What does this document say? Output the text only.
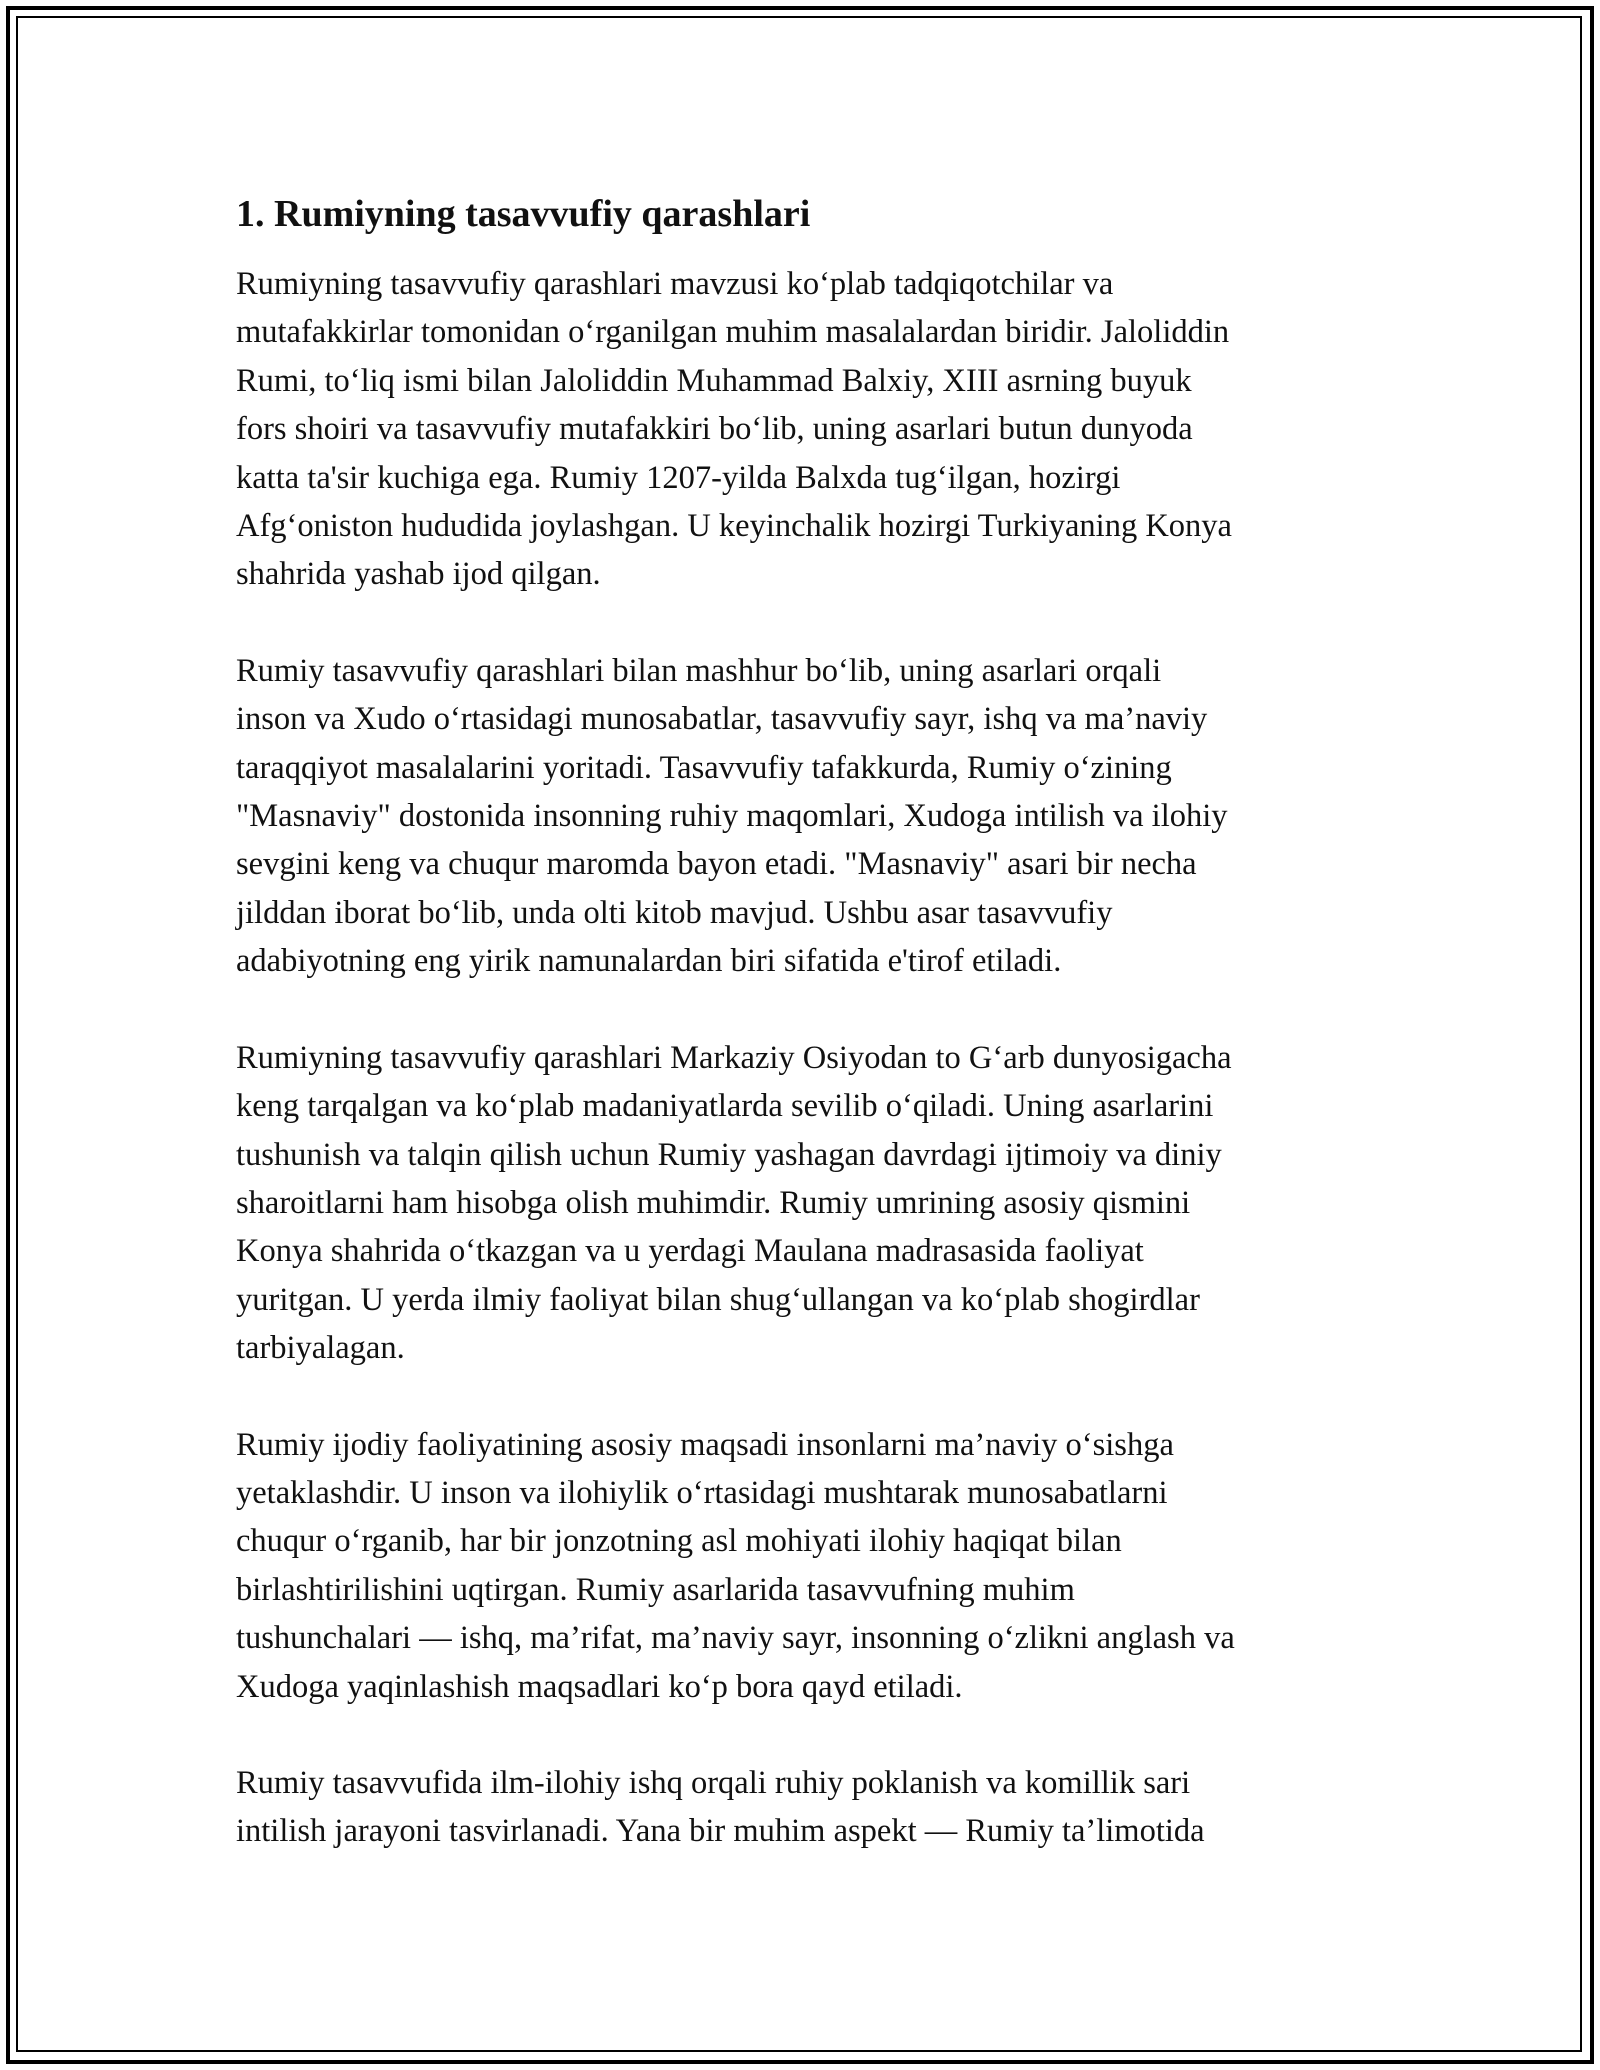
1. Rumiyning tasavvufiy qarashlari
Rumiyning tasavvufiy qarashlari mavzusi ko‘plab tadqiqotchilar va
mutafakkirlar tomonidan o‘rganilgan muhim masalalardan biridir. Jaloliddin
Rumi, to‘liq ismi bilan Jaloliddin Muhammad Balxiy, XIII asrning buyuk
fors shoiri va tasavvufiy mutafakkiri bo‘lib, uning asarlari butun dunyoda
katta ta'sir kuchiga ega. Rumiy 1207-yilda Balxda tug‘ilgan, hozirgi
Afg‘oniston hududida joylashgan. U keyinchalik hozirgi Turkiyaning Konya
shahrida yashab ijod qilgan.
Rumiy tasavvufiy qarashlari bilan mashhur bo‘lib, uning asarlari orqali
inson va Xudo o‘rtasidagi munosabatlar, tasavvufiy sayr, ishq va ma’naviy
taraqqiyot masalalarini yoritadi. Tasavvufiy tafakkurda, Rumiy o‘zining
"Masnaviy" dostonida insonning ruhiy maqomlari, Xudoga intilish va ilohiy
sevgini keng va chuqur maromda bayon etadi. "Masnaviy" asari bir necha
jilddan iborat bo‘lib, unda olti kitob mavjud. Ushbu asar tasavvufiy
adabiyotning eng yirik namunalardan biri sifatida e'tirof etiladi.
Rumiyning tasavvufiy qarashlari Markaziy Osiyodan to G‘arb dunyosigacha
keng tarqalgan va ko‘plab madaniyatlarda sevilib o‘qiladi. Uning asarlarini
tushunish va talqin qilish uchun Rumiy yashagan davrdagi ijtimoiy va diniy
sharoitlarni ham hisobga olish muhimdir. Rumiy umrining asosiy qismini
Konya shahrida o‘tkazgan va u yerdagi Maulana madrasasida faoliyat
yuritgan. U yerda ilmiy faoliyat bilan shug‘ullangan va ko‘plab shogirdlar
tarbiyalagan.
Rumiy ijodiy faoliyatining asosiy maqsadi insonlarni ma’naviy o‘sishga
yetaklashdir. U inson va ilohiylik o‘rtasidagi mushtarak munosabatlarni
chuqur o‘rganib, har bir jonzotning asl mohiyati ilohiy haqiqat bilan
birlashtirilishini uqtirgan. Rumiy asarlarida tasavvufning muhim
tushunchalari — ishq, ma’rifat, ma’naviy sayr, insonning o‘zlikni anglash va
Xudoga yaqinlashish maqsadlari ko‘p bora qayd etiladi.
Rumiy tasavvufida ilm-ilohiy ishq orqali ruhiy poklanish va komillik sari
intilish jarayoni tasvirlanadi. Yana bir muhim aspekt — Rumiy ta’limotida
